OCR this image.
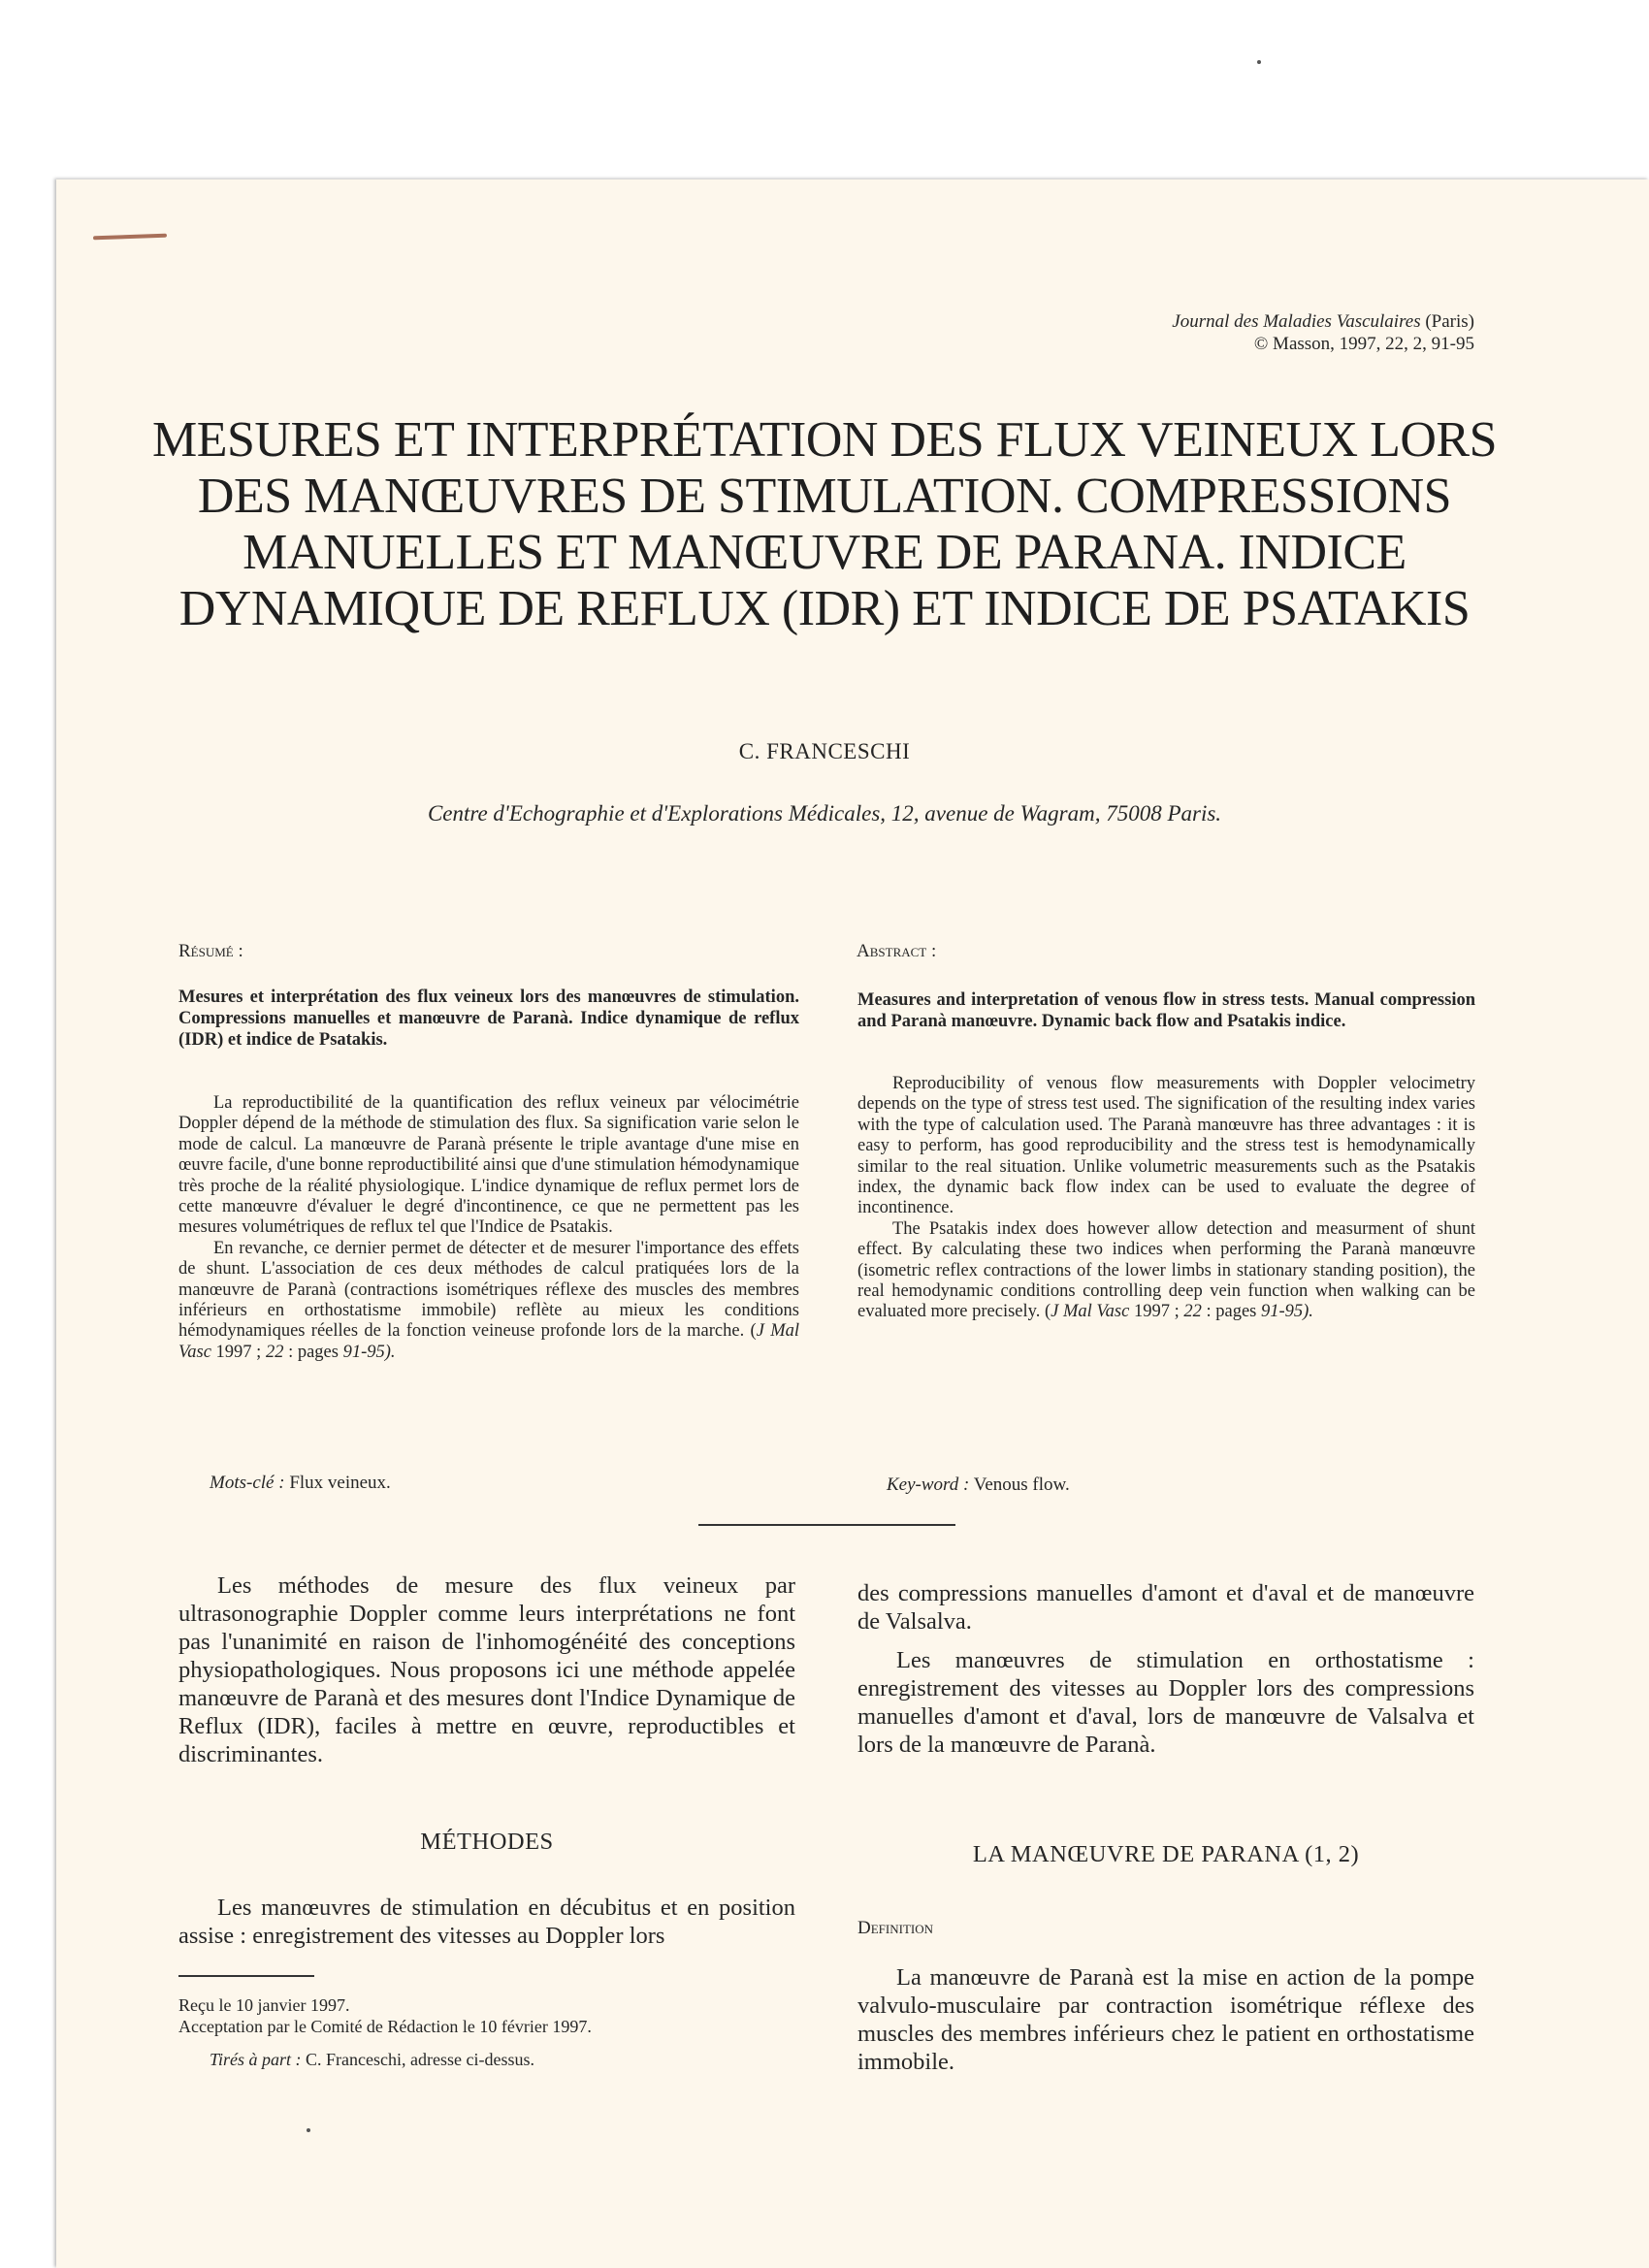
Journal des Maladies Vasculaires (Paris)
© Masson, 1997, 22, 2, 91-95
MESURES ET INTERPRÉTATION DES FLUX VEINEUX LORS DES MANŒUVRES DE STIMULATION. COMPRESSIONS MANUELLES ET MANŒUVRE DE PARANA. INDICE DYNAMIQUE DE REFLUX (IDR) ET INDICE DE PSATAKIS
C. FRANCESCHI
Centre d'Echographie et d'Explorations Médicales, 12, avenue de Wagram, 75008 Paris.
Résumé :	Abstract :
Mesures et interprétation des flux veineux lors des manœuvres de stimulation. Compressions manuelles et manœuvre de Paranà. Indice dynamique de reflux (IDR) et indice de Psatakis.

La reproductibilité de la quantification des reflux veineux par vélocimétrie Doppler dépend de la méthode de stimulation des flux. Sa signification varie selon le mode de calcul. La manœuvre de Paranà présente le triple avantage d'une mise en œuvre facile, d'une bonne reproductibilité ainsi que d'une stimulation hémodynamique très proche de la réalité physiologique. L'indice dynamique de reflux permet lors de cette manœuvre d'évaluer le degré d'incontinence, ce que ne permettent pas les mesures volumétriques de reflux tel que l'Indice de Psatakis.

En revanche, ce dernier permet de détecter et de mesurer l'importance des effets de shunt. L'association de ces deux méthodes de calcul pratiquées lors de la manœuvre de Paranà (contractions isométriques réflexe des muscles des membres inférieurs en orthostatisme immobile) reflète au mieux les conditions hémodynamiques réelles de la fonction veineuse profonde lors de la marche. (J Mal Vasc 1997 ; 22 : pages 91-95).

Mots-clé : Flux veineux.
Measures and interpretation of venous flow in stress tests. Manual compression and Paranà manœuvre. Dynamic back flow and Psatakis indice.

Reproducibility of venous flow measurements with Doppler velocimetry depends on the type of stress test used. The signification of the resulting index varies with the type of calculation used. The Paranà manœuvre has three advantages : it is easy to perform, has good reproducibility and the stress test is hemodynamically similar to the real situation. Unlike volumetric measurements such as the Psatakis index, the dynamic back flow index can be used to evaluate the degree of incontinence.

The Psatakis index does however allow detection and measurment of shunt effect. By calculating these two indices when performing the Paranà manœuvre (isometric reflex contractions of the lower limbs in stationary standing position), the real hemodynamic conditions controlling deep vein function when walking can be evaluated more precisely. (J Mal Vasc 1997 ; 22 : pages 91-95).

Key-word : Venous flow.

Les méthodes de mesure des flux veineux par ultrasonographie Doppler comme leurs interprétations ne font pas l'unanimité en raison de l'inhomogénéité des conceptions physiopathologiques. Nous proposons ici une méthode appelée manœuvre de Paranà et des mesures dont l'Indice Dynamique de Reflux (IDR), faciles à mettre en œuvre, reproductibles et discriminantes.

MÉTHODES

Les manœuvres de stimulation en décubitus et en position assise : enregistrement des vitesses au Doppler lors

des compressions manuelles d'amont et d'aval et de manœuvre de Valsalva.

Les manœuvres de stimulation en orthostatisme : enregistrement des vitesses au Doppler lors des compressions manuelles d'amont et d'aval, lors de manœuvre de Valsalva et lors de la manœuvre de Paranà.

LA MANŒUVRE DE PARANA (1, 2)
Definition

La manœuvre de Paranà est la mise en action de la pompe valvulo-musculaire par contraction isométrique réflexe des muscles des membres inférieurs chez le patient en orthostatisme immobile.

Reçu le 10 janvier 1997.
Acceptation par le Comité de Rédaction le 10 février 1997.
Tirés à part : C. Franceschi, adresse ci-dessus.
